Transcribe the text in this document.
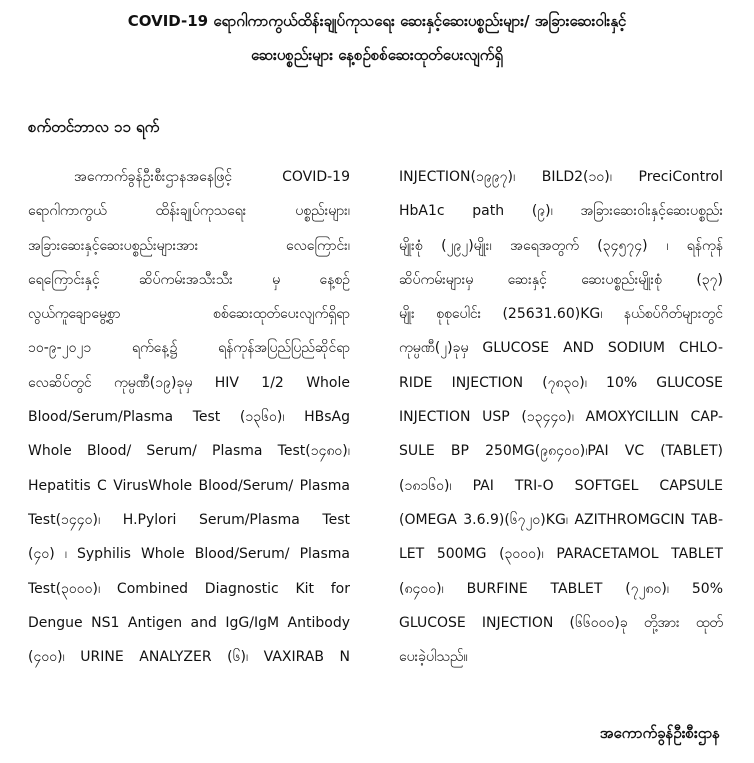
COVID-19 ရောဂါကာကွယ်ထိန်းချုပ်ကုသရေး ဆေးနှင့်ဆေးပစ္စည်းများ/ အခြားဆေးဝါးနှင့်
ဆေးပစ္စည်းများ နေ့စဉ်စစ်ဆေးထုတ်ပေးလျက်ရှိ
စက်တင်ဘာလ ၁၁ ရက်
အကောက်ခွန်ဦးစီးဌာနအနေဖြင့် COVID-19
ရောဂါကာကွယ် ထိန်းချုပ်ကုသရေး ပစ္စည်းများ၊
အခြားဆေးနှင့်ဆေးပစ္စည်းများအား လေကြောင်း၊
ရေကြောင်းနှင့် ဆိပ်ကမ်းအသီးသီး မှ နေ့စဉ်
လွယ်ကူချောမွေ့စွာ စစ်ဆေးထုတ်ပေးလျက်ရှိရာ
၁၀-၉-၂၀၂၁ ရက်နေ့၌ ရန်ကုန်အပြည်ပြည်ဆိုင်ရာ
လေဆိပ်တွင် ကုမ္ပဏီ(၁၉)ခုမှ HIV 1/2 Whole
Blood/Serum/Plasma Test (၁၃၆၀)၊ HBsAg
Whole Blood/ Serum/ Plasma Test(၁၄၈၀)၊
Hepatitis C VirusWhole Blood/Serum/ Plasma
Test(၁၄၄၀)၊ H.Pylori Serum/Plasma Test
(၄၀) ၊ Syphilis Whole Blood/Serum/ Plasma
Test(၃၀၀၀)၊ Combined Diagnostic Kit for
Dengue NS1 Antigen and IgG/IgM Antibody
(၄၀၀)၊ URINE ANALYZER (၆)၊ VAXIRAB N
INJECTION(၁၉၉၇)၊ BILD2(၁၀)၊ PreciControl
HbA1c path (၉)၊ အခြားဆေးဝါးနှင့်ဆေးပစ္စည်း
မျိုးစုံ (၂၉၂)မျိုး၊ အရေအတွက် (၃၄၅၇၄) ၊ ရန်ကုန်
ဆိပ်ကမ်းများမှ ဆေးနှင့် ဆေးပစ္စည်းမျိုးစုံ (၃၇)
မျိုး စုစုပေါင်း (25631.60)KG၊ နယ်စပ်ဂိတ်များတွင်
ကုမ္ပဏီ(၂)ခုမှ GLUCOSE AND SODIUM CHLO-
RIDE INJECTION (၇၈၃၀)၊ 10% GLUCOSE
INJECTION USP (၁၃၄၄၀)၊ AMOXYCILLIN CAP-
SULE BP 250MG(၉၈၄၀၀)၊PAI VC (TABLET)
(၁၈၁၆၀)၊ PAI TRI-O SOFTGEL CAPSULE
(OMEGA 3.6.9)(၆၇၂၀)KG၊ AZITHROMGCIN TAB-
LET 500MG (၃၀၀၀)၊ PARACETAMOL TABLET
(၈၄၀၀)၊ BURFINE TABLET (၇၂၈၀)၊ 50%
GLUCOSE INJECTION (၆၆၀၀၀)ခု တို့အား ထုတ်
ပေးခဲ့ပါသည်။
အကောက်ခွန်ဦးစီးဌာန
